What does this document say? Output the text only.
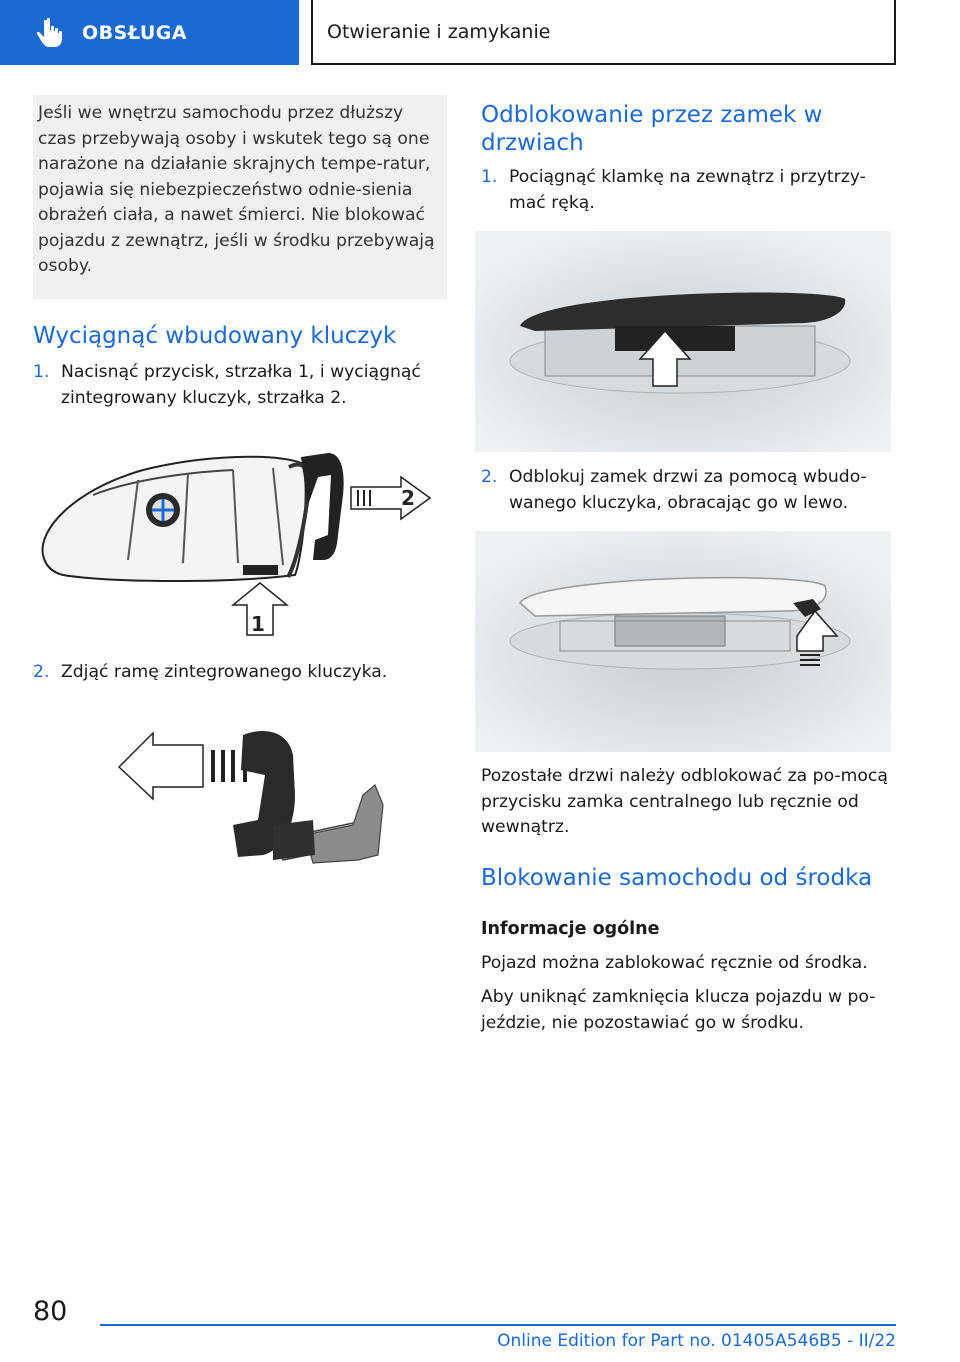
OBSŁUGA	Otwieranie i zamykanie
Jeśli we wnętrzu samochodu przez dłuższy czas przebywają osoby i wskutek tego są one narażone na działanie skrajnych tempe-ratur, pojawia się niebezpieczeństwo odnie-sienia obrażeń ciała, a nawet śmierci. Nie blokować pojazdu z zewnątrz, jeśli w środku przebywają osoby.
Wyciągnąć wbudowany kluczyk
1. Nacisnąć przycisk, strzałka 1, i wyciągnąć zintegrowany kluczyk, strzałka 2.
2
1
2. Zdjąć ramę zintegrowanego kluczyka.
Odblokowanie przez zamek w drzwiach
1. Pociągnąć klamkę na zewnątrz i przytrzy-mać ręką.
2. Odblokuj zamek drzwi za pomocą wbudo-wanego kluczyka, obracając go w lewo.
Pozostałe drzwi należy odblokować za po-mocą przycisku zamka centralnego lub ręcznie od wewnątrz.
Blokowanie samochodu od środka
Informacje ogólne
Pojazd można zablokować ręcznie od środka.
Aby uniknąć zamknięcia klucza pojazdu w po-jeździe, nie pozostawiać go w środku.
80
Online Edition for Part no. 01405A546B5 - II/22
